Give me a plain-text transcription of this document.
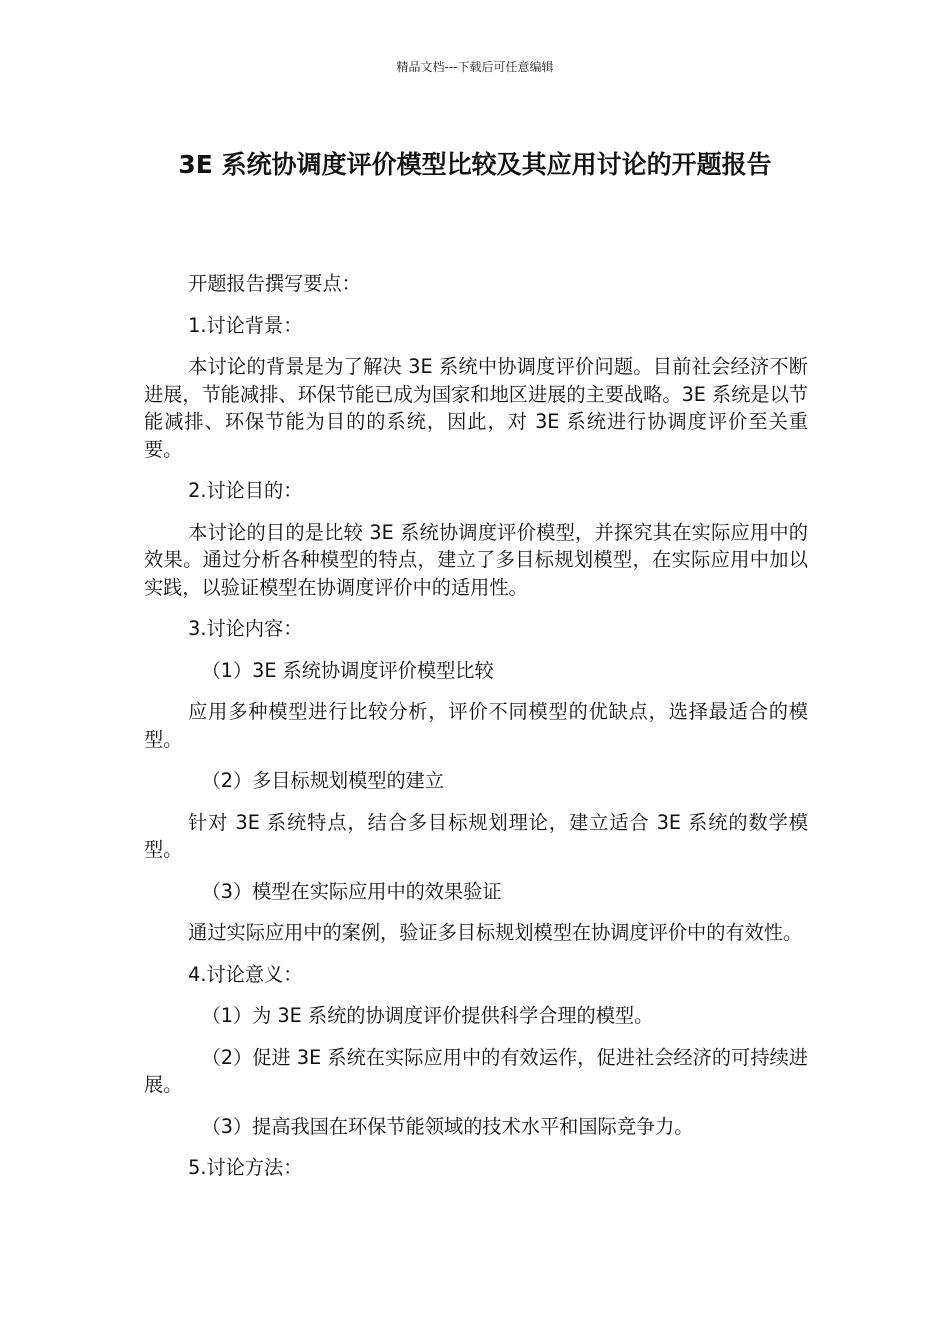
精品文档---下载后可任意编辑
3E 系统协调度评价模型比较及其应用讨论的开题报告

开题报告撰写要点：

1.讨论背景：

本讨论的背景是为了解决 3E 系统中协调度评价问题。目前社会经济不断进展，节能减排、环保节能已成为国家和地区进展的主要战略。3E 系统是以节能减排、环保节能为目的的系统，因此，对 3E 系统进行协调度评价至关重要。

2.讨论目的：

本讨论的目的是比较 3E 系统协调度评价模型，并探究其在实际应用中的效果。通过分析各种模型的特点，建立了多目标规划模型，在实际应用中加以实践，以验证模型在协调度评价中的适用性。

3.讨论内容：

（1）3E 系统协调度评价模型比较

应用多种模型进行比较分析，评价不同模型的优缺点，选择最适合的模型。

（2）多目标规划模型的建立

针对 3E 系统特点，结合多目标规划理论，建立适合 3E 系统的数学模型。

（3）模型在实际应用中的效果验证

通过实际应用中的案例，验证多目标规划模型在协调度评价中的有效性。

4.讨论意义：

（1）为 3E 系统的协调度评价提供科学合理的模型。

（2）促进 3E 系统在实际应用中的有效运作，促进社会经济的可持续进展。

（3）提高我国在环保节能领域的技术水平和国际竞争力。

5.讨论方法：
